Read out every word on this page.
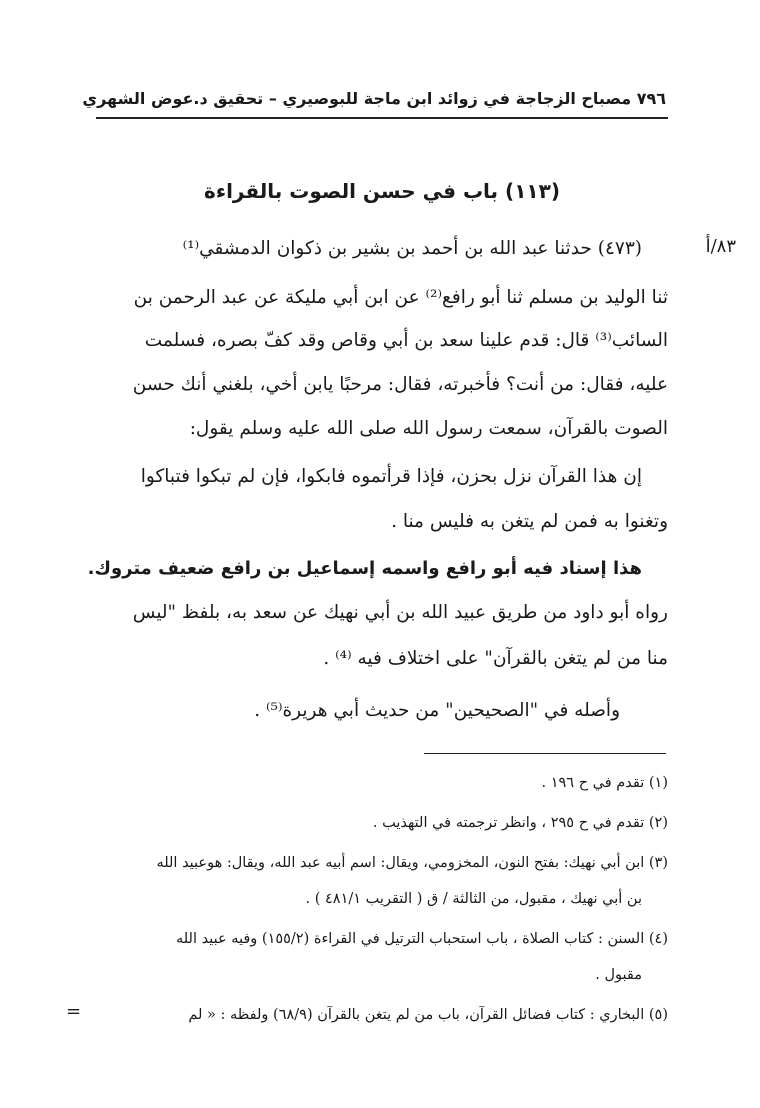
٧٩٦ مصباح الزجاجة في زوائد ابن ماجة للبوصيري – تحقيق د.عوض الشهري
(١١٣) باب في حسن الصوت بالقراءة
٨٣/أ
(٤٧٣) حدثنا عبد الله بن أحمد بن بشير بن ذكوان الدمشقي⁽¹⁾
ثنا الوليد بن مسلم ثنا أبو رافع⁽²⁾ عن ابن أبي مليكة عن عبد الرحمن بن
السائب⁽³⁾ قال: قدم علينا سعد بن أبي وقاص وقد كفّ بصره، فسلمت
عليه، فقال: من أنت؟ فأخبرته، فقال: مرحبًا يابن أخي، بلغني أنك حسن
الصوت بالقرآن، سمعت رسول الله صلى الله عليه وسلم يقول:
إن هذا القرآن نزل بحزن، فإذا قرأتموه فابكوا، فإن لم تبكوا فتباكوا
وتغنوا به فمن لم يتغن به فليس منا .
هذا إسناد فيه أبو رافع واسمه إسماعيل بن رافع ضعيف متروك.
رواه أبو داود من طريق عبيد الله بن أبي نهيك عن سعد به، بلفظ "ليس
منا من لم يتغن بالقرآن" على اختلاف فيه ⁽⁴⁾ .
وأصله في "الصحيحين" من حديث أبي هريرة⁽⁵⁾ .
(١) تقدم في ح ١٩٦ .
(٢) تقدم في ح ٢٩٥ ، وانظر ترجمته في التهذيب .
(٣) ابن أبي نهيك: بفتح النون، المخزومي، ويقال: اسم أبيه عبد الله، ويقال: هوعبيد الله
بن أبي نهيك ، مقبول، من الثالثة / ق ( التقريب ٤٨١/١ ) .
(٤) السنن : كتاب الصلاة ، باب استحباب الترتيل في القراءة (١٥٥/٢) وفيه عبيد الله
مقبول .
(٥) البخاري : كتاب فضائل القرآن، باب من لم يتغن بالقرآن (٦٨/٩) ولفظه : « لم
=
